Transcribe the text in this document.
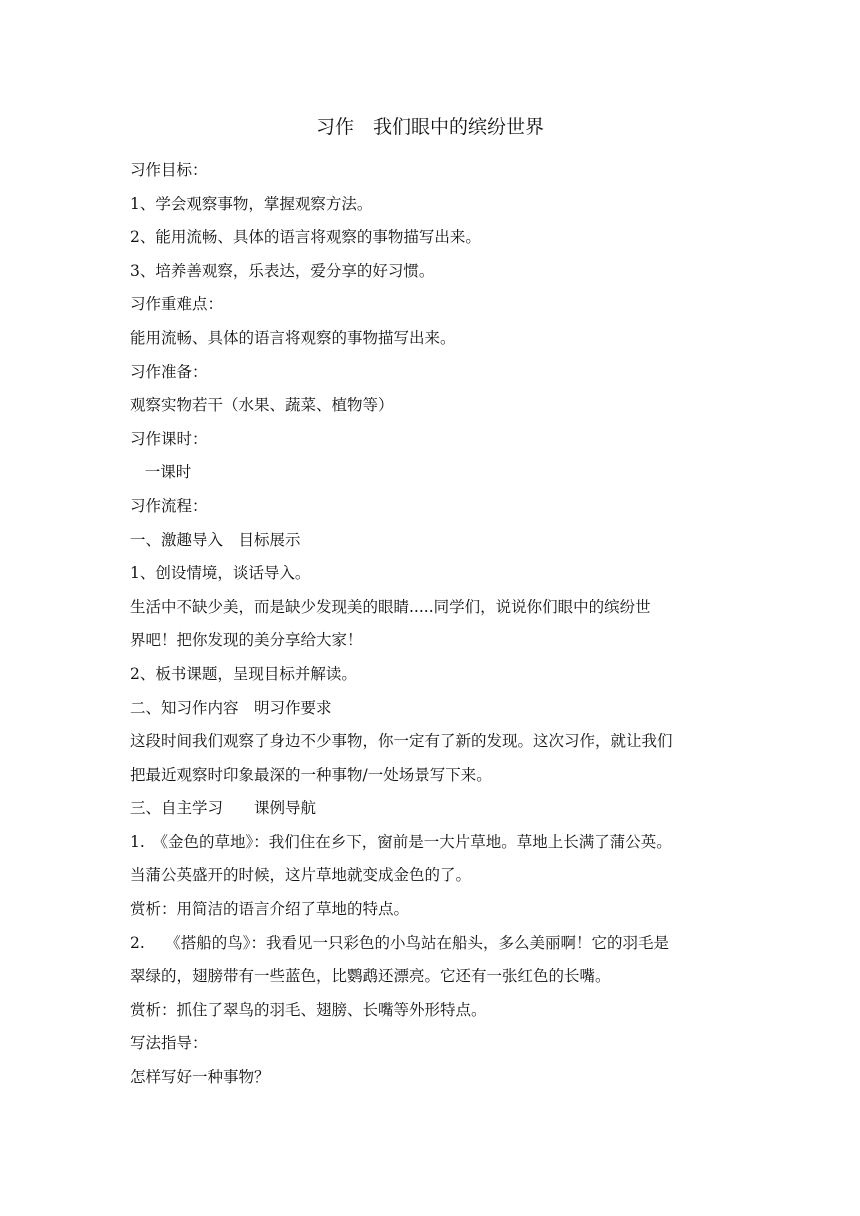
习作　我们眼中的缤纷世界
习作目标：
1、学会观察事物，掌握观察方法。
2、能用流畅、具体的语言将观察的事物描写出来。
3、培养善观察，乐表达，爱分享的好习惯。
习作重难点：
能用流畅、具体的语言将观察的事物描写出来。
习作准备：
观察实物若干（水果、蔬菜、植物等）
习作课时：
一课时
习作流程：
一、激趣导入　目标展示
1、创设情境，谈话导入。
生活中不缺少美，而是缺少发现美的眼睛.....同学们，说说你们眼中的缤纷世
界吧！把你发现的美分享给大家！
2、板书课题，呈现目标并解读。
二、知习作内容　明习作要求
这段时间我们观察了身边不少事物，你一定有了新的发现。这次习作，就让我们
把最近观察时印象最深的一种事物/一处场景写下来。
三、自主学习　　课例导航
1.　《金色的草地》：我们住在乡下，窗前是一大片草地。草地上长满了蒲公英。
当蒲公英盛开的时候，这片草地就变成金色的了。
赏析：用简洁的语言介绍了草地的特点。
2.　 《搭船的鸟》：我看见一只彩色的小鸟站在船头，多么美丽啊！它的羽毛是
翠绿的，翅膀带有一些蓝色，比鹦鹉还漂亮。它还有一张红色的长嘴。
赏析：抓住了翠鸟的羽毛、翅膀、长嘴等外形特点。
写法指导：
怎样写好一种事物？
